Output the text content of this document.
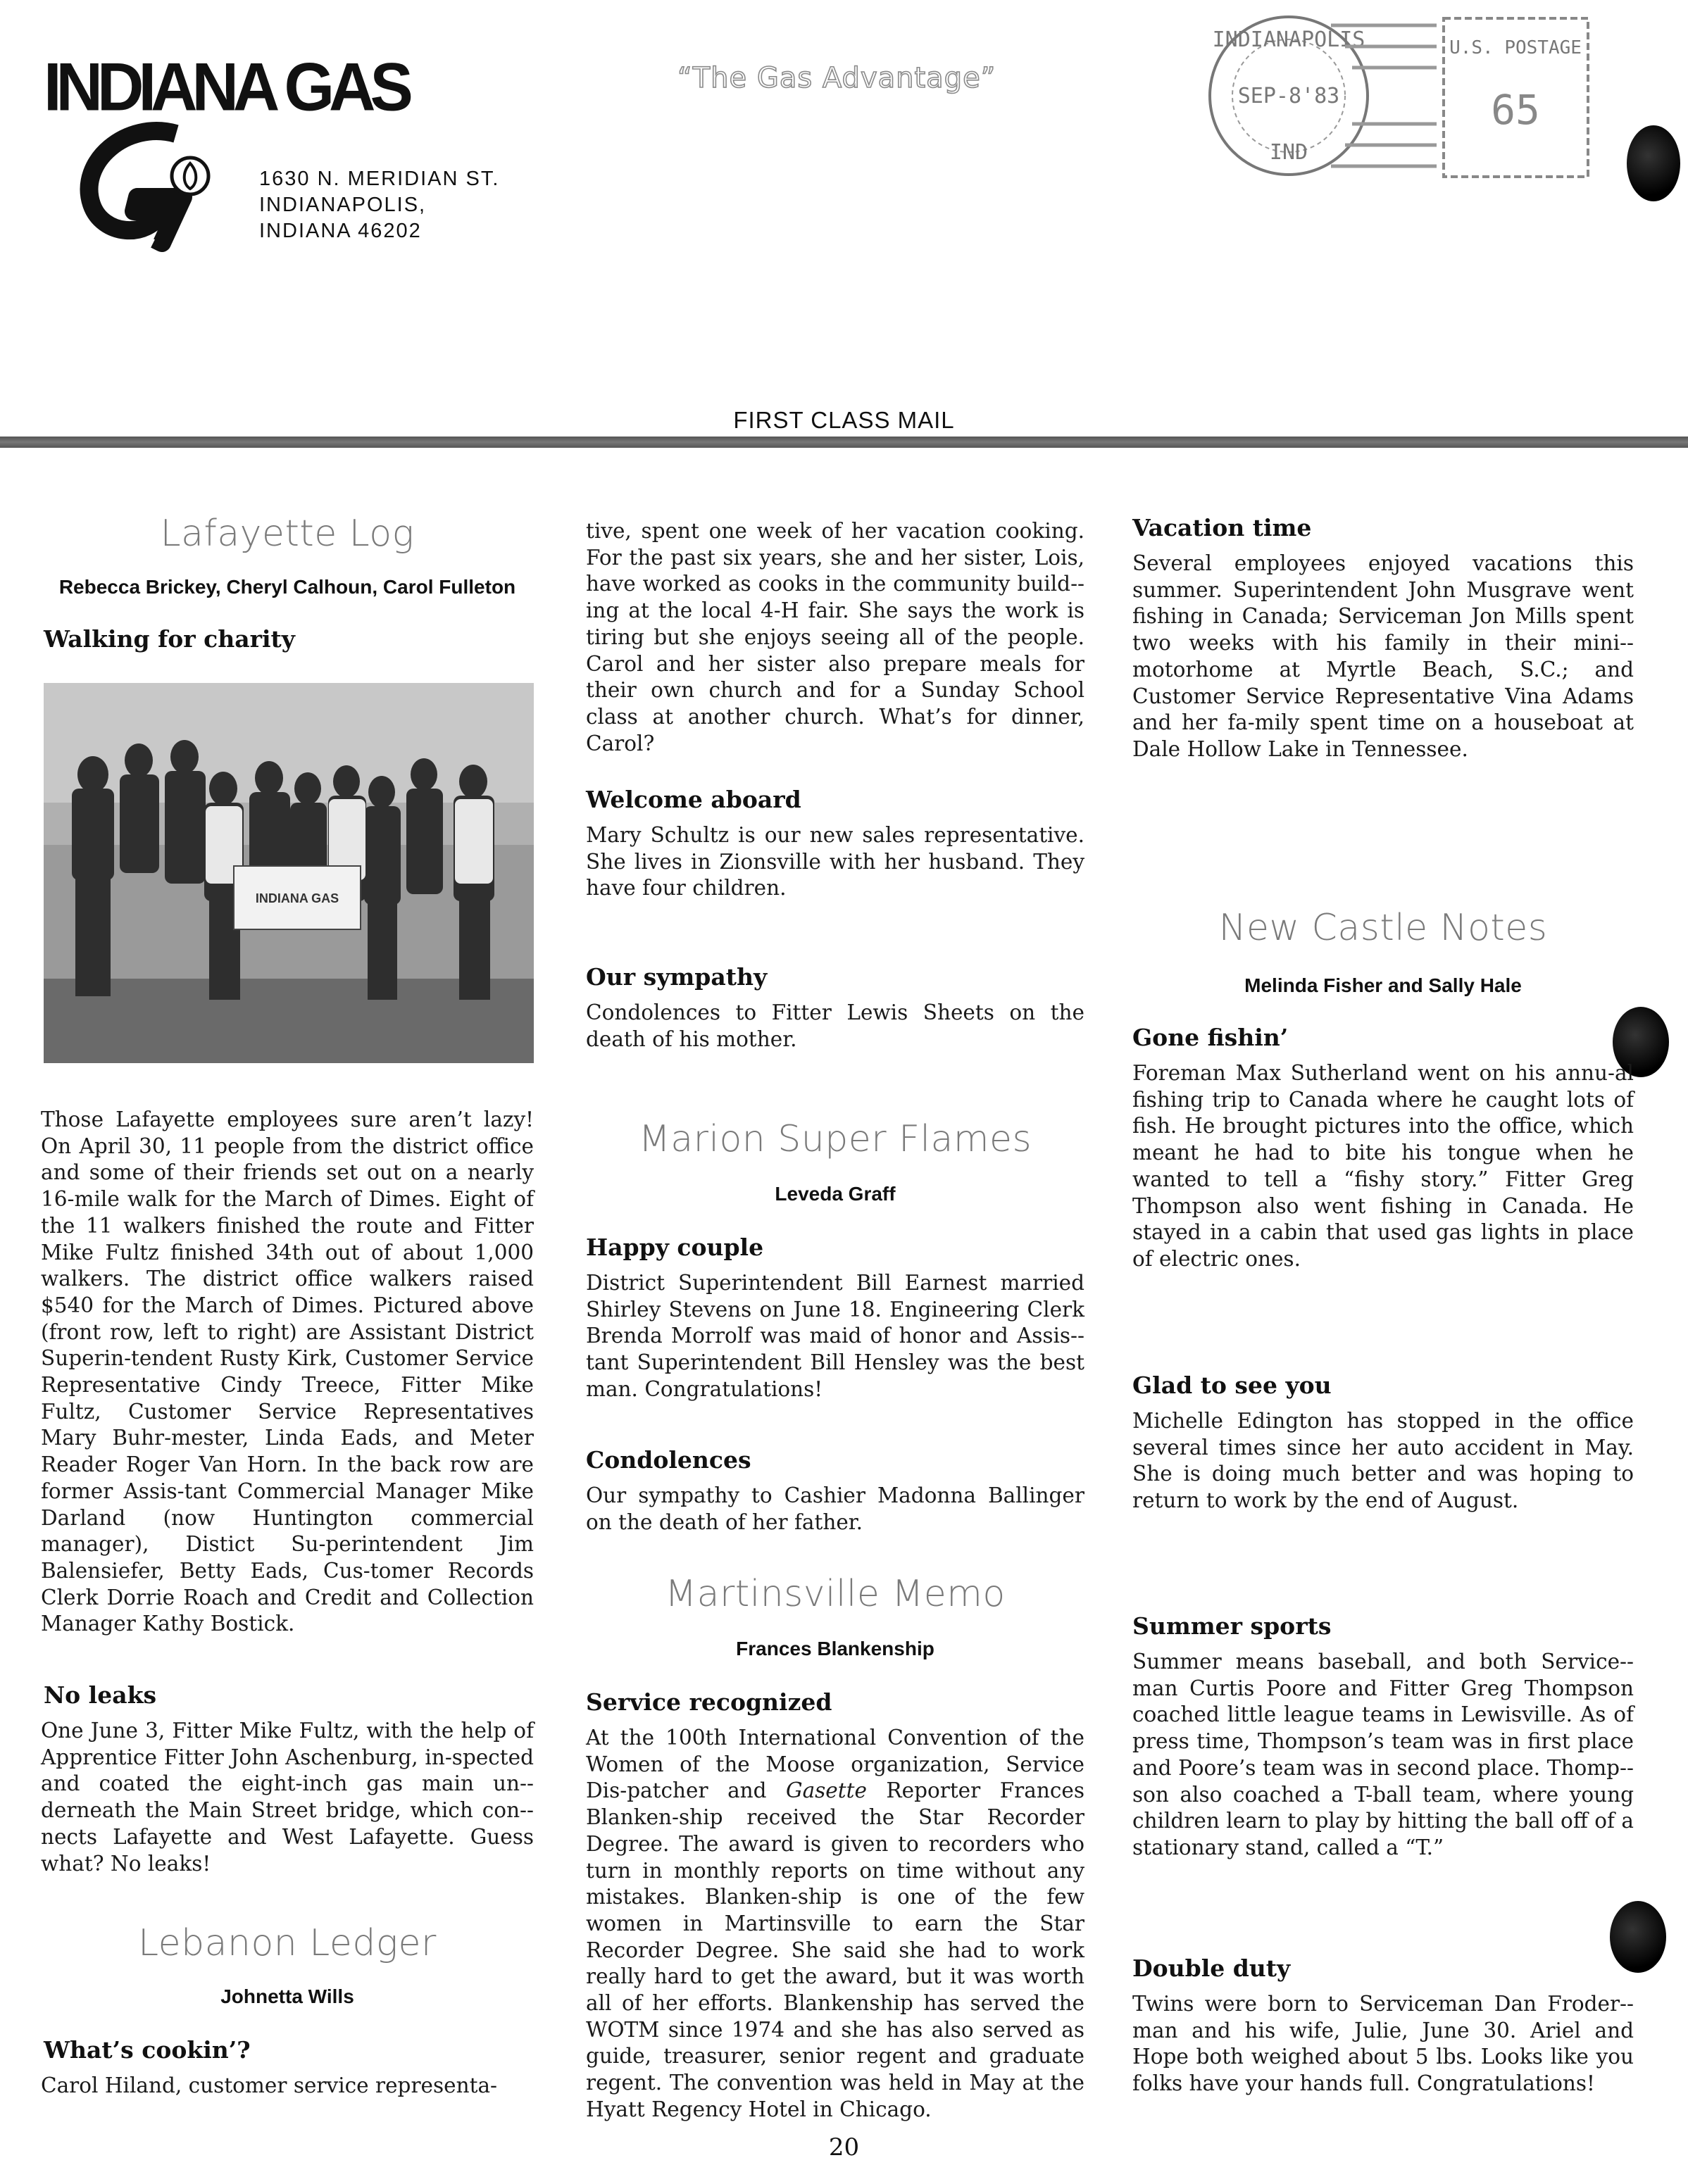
INDIANA GAS
1630 N. MERIDIAN ST.
INDIANAPOLIS,
INDIANA 46202
“The Gas Advantage”
INDIANAPOLIS
SEP-8'83
IND
U.S. POSTAGE
65
FIRST CLASS MAIL
Lafayette Log
Rebecca Brickey, Cheryl Calhoun, Carol Fulleton
Walking for charity
INDIANA GAS
Those Lafayette employees sure aren’t lazy! On April 30, 11 people from the district office and some of their friends set out on a nearly 16-mile walk for the March of Dimes. Eight of the 11 walkers finished the route and Fitter Mike Fultz finished 34th out of about 1,000 walkers. The district office walkers raised $540 for the March of Dimes. Pictured above (front row, left to right) are Assistant District Superin-tendent Rusty Kirk, Customer Service Representative Cindy Treece, Fitter Mike Fultz, Customer Service Representatives Mary Buhr-mester, Linda Eads, and Meter Reader Roger Van Horn. In the back row are former Assis-tant Commercial Manager Mike Darland (now Huntington commercial manager), Distict Su-perintendent Jim Balensiefer, Betty Eads, Cus-tomer Records Clerk Dorrie Roach and Credit and Collection Manager Kathy Bostick.
No leaks
One June 3, Fitter Mike Fultz, with the help of Apprentice Fitter John Aschenburg, in-spected and coated the eight-inch gas main un-derneath the Main Street bridge, which con-nects Lafayette and West Lafayette. Guess what? No leaks!
Lebanon Ledger
Johnetta Wills
What’s cookin’?
Carol Hiland, customer service representa-
tive, spent one week of her vacation cooking. For the past six years, she and her sister, Lois, have worked as cooks in the community build-ing at the local 4-H fair. She says the work is tiring but she enjoys seeing all of the people. Carol and her sister also prepare meals for their own church and for a Sunday School class at another church. What’s for dinner, Carol?
Welcome aboard
Mary Schultz is our new sales representative. She lives in Zionsville with her husband. They have four children.
Our sympathy
Condolences to Fitter Lewis Sheets on the death of his mother.
Marion Super Flames
Leveda Graff
Happy couple
District Superintendent Bill Earnest married Shirley Stevens on June 18. Engineering Clerk Brenda Morrolf was maid of honor and Assis-tant Superintendent Bill Hensley was the best man. Congratulations!
Condolences
Our sympathy to Cashier Madonna Ballinger on the death of her father.
Martinsville Memo
Frances Blankenship
Service recognized
At the 100th International Convention of the Women of the Moose organization, Service Dis-patcher and Gasette Reporter Frances Blanken-ship received the Star Recorder Degree. The award is given to recorders who turn in monthly reports on time without any mistakes. Blanken-ship is one of the few women in Martinsville to earn the Star Recorder Degree. She said she had to work really hard to get the award, but it was worth all of her efforts. Blankenship has served the WOTM since 1974 and she has also served as guide, treasurer, senior regent and graduate regent. The convention was held in May at the Hyatt Regency Hotel in Chicago.
Vacation time
Several employees enjoyed vacations this summer. Superintendent John Musgrave went fishing in Canada; Serviceman Jon Mills spent two weeks with his family in their mini-motorhome at Myrtle Beach, S.C.; and Customer Service Representative Vina Adams and her fa-mily spent time on a houseboat at Dale Hollow Lake in Tennessee.
New Castle Notes
Melinda Fisher and Sally Hale
Gone fishin’
Foreman Max Sutherland went on his annu-al fishing trip to Canada where he caught lots of fish. He brought pictures into the office, which meant he had to bite his tongue when he wanted to tell a “fishy story.” Fitter Greg Thompson also went fishing in Canada. He stayed in a cabin that used gas lights in place of electric ones.
Glad to see you
Michelle Edington has stopped in the office several times since her auto accident in May. She is doing much better and was hoping to return to work by the end of August.
Summer sports
Summer means baseball, and both Service-man Curtis Poore and Fitter Greg Thompson coached little league teams in Lewisville. As of press time, Thompson’s team was in first place and Poore’s team was in second place. Thomp-son also coached a T-ball team, where young children learn to play by hitting the ball off of a stationary stand, called a “T.”
Double duty
Twins were born to Serviceman Dan Froder-man and his wife, Julie, June 30. Ariel and Hope both weighed about 5 lbs. Looks like you folks have your hands full. Congratulations!
20
